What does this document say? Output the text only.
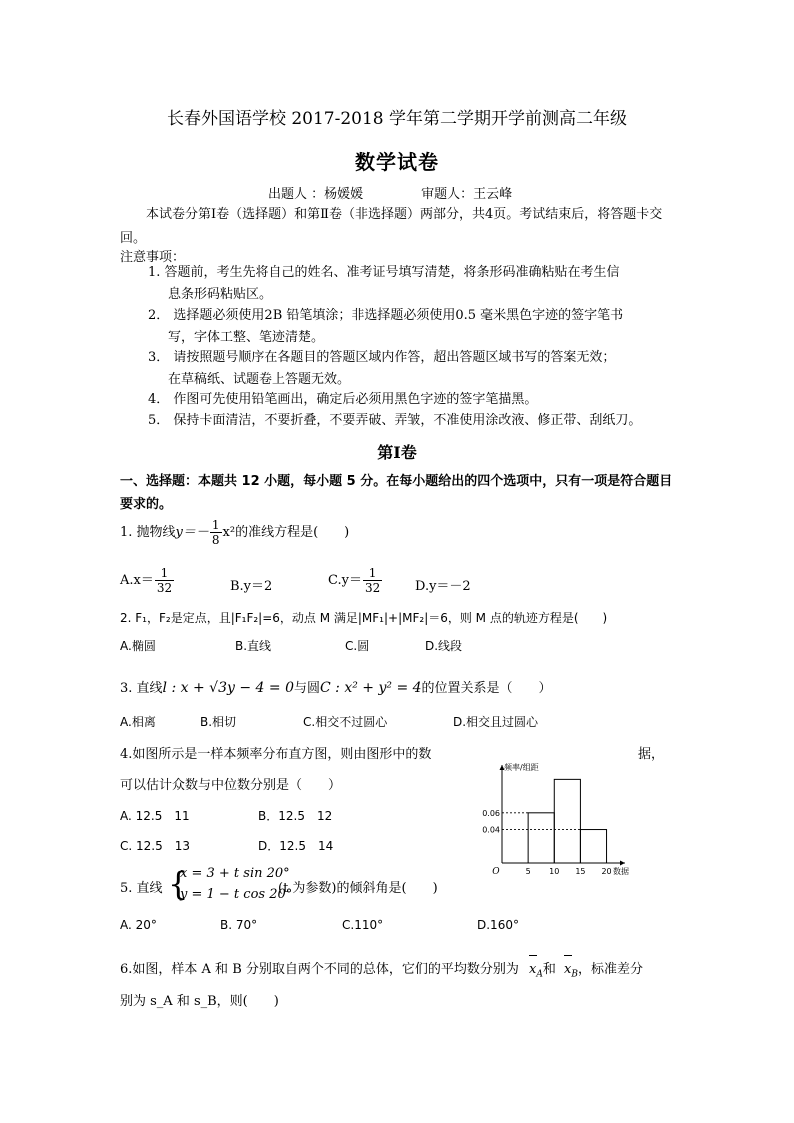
长春外国语学校 2017-2018 学年第二学期开学前测高二年级
数学试卷
出题人 ：杨媛媛	审题人：王云峰
本试卷分第Ⅰ卷（选择题）和第Ⅱ卷（非选择题）两部分，共4页。考试结束后，将答题卡交回。
注意事项：
1. 答题前，考生先将自己的姓名、准考证号填写清楚，将条形码准确粘贴在考生信
息条形码粘贴区。
2． 选择题必须使用2B 铅笔填涂；非选择题必须使用0.5 毫米黑色字迹的签字笔书
写，字体工整、笔迹清楚。
3． 请按照题号顺序在各题目的答题区域内作答，超出答题区域书写的答案无效；
在草稿纸、试题卷上答题无效。
4． 作图可先使用铅笔画出，确定后必须用黑色字迹的签字笔描黑。
5． 保持卡面清洁，不要折叠，不要弄破、弄皱，不准使用涂改液、修正带、刮纸刀。
第Ⅰ卷
一、选择题：本题共 12 小题，每小题 5 分。在每小题给出的四个选项中，只有一项是符合题目要求的。
1. 抛物线$y=- \frac{1}{8} x^2$的准线方程是(　　)
$A.x= \frac{1}{32}$	B.y＝2	$C.y= \frac{1}{32}$	D.y＝－2
2. F₁，F₂是定点，且|F₁F₂|=6，动点 M 满足|MF₁|+|MF₂|＝6，则 M 点的轨迹方程是(　　)
A.椭圆	B.直线	C.圆	D.线段
3. 直线l : x + √3y − 4 = 0与圆C : x² + y² = 4的位置关系是（　　）
A.相离	B.相切	C.相交不过圆心	D.相交且过圆心
4.如图所示是一样本频率分布直方图，则由图形中的数	据，
可以估计众数与中位数分别是（　　）
A. 12.5　11	B．12.5　12
C. 12.5　13	D．12.5　14
0.04
0.06
5 10 15 20
O	数据
频率/组距
5. 直线 {
x = 3 + t sin 20°
y = 1 − t cos 20°
(t 为参数)的倾斜角是(　　)
A. 20°	B. 70°	C.110°	D.160°
6.如图，样本 A 和 B 分别取自两个不同的总体，它们的平均数分别为 $x_A$和 $x_B$，标准差分
别为 s_A 和 s_B，则(　　)
